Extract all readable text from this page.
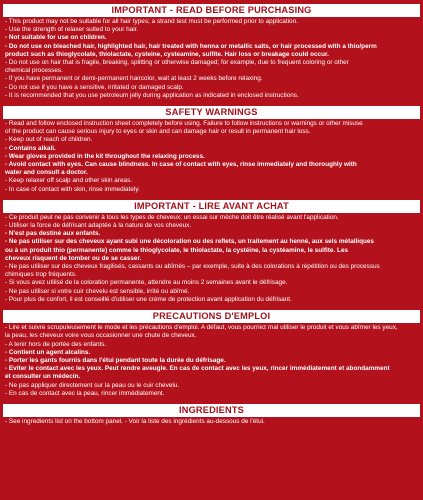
IMPORTANT - READ BEFORE PURCHASING
- This product may not be suitable for all hair types; a strand test must be performed prior to application.
- Use the strength of relaxer suited to your hair.
- Not suitable for use on children.
- Do not use on bleached hair, highlighted hair, hair treated with henna or metallic salts, or hair processed with a thio/perm
product such as thioglycolate, thiolactate, cysteine, cysteamine, sulfite. Hair loss or breakage could occur.
- Do not use on hair that is fragile, breaking, splitting or otherwise damaged; for example, due to frequent coloring or other
chemical processes.
- If you have permanent or demi-permanent haircolor, wait at least 2 weeks before relaxing.
- Do not use if you have a sensitive, irritated or damaged scalp.
- It is recommended that you use petroleum jelly during application as indicated in enclosed instructions.
SAFETY WARNINGS
- Read and follow enclosed instruction sheet completely before using. Failure to follow instructions or warnings or other misuse
of the product can cause serious injury to eyes or skin and can damage hair or result in permanent hair loss.
- Keep out of reach of children.
- Contains alkali.
- Wear gloves provided in the kit throughout the relaxing process.
- Avoid contact with eyes. Can cause blindness. In case of contact with eyes, rinse immediately and thoroughly with
water and consult a doctor.
- Keep relaxer off scalp and other skin areas.
- In case of contact with skin, rinse immediately.
IMPORTANT - LIRE AVANT ACHAT
- Ce produit peut ne pas convenir à tous les types de cheveux; un essai sur mèche doit être réalisé avant l'application.
- Utiliser la force de défrisant adaptée à la nature de vos cheveux.
- N'est pas destiné aux enfants.
- Ne pas utiliser sur des cheveux ayant subi une décoloration ou des reflets, un traitement au henné, aux sels métalliques
ou à un produit thio (permanente) comme le thioglycolate, le thiolactate, la cystéine, la cystéamine, le sulfite. Les
cheveux risquent de tomber ou de se casser.
- Ne pas utiliser sur des cheveux fragilisés, cassants ou abîmés – par exemple, suite à des colorations à répétition ou des processus
chimiques trop fréquents.
- Si vous avez utilisé de la coloration permanente, attendre au moins 2 semaines avant le défrisage.
- Ne pas utiliser si votre cuir chevelu est sensible, irrité ou abîmé.
- Pour plus de confort, il est conseillé d'utiliser une crème de protection avant application du défrisant.
PRECAUTIONS D'EMPLOI
- Lire et suivre scrupuleusement le mode et les précautions d'emploi. A défaut, vous pourriez mal utiliser le produit et vous abîmer les yeux,
la peau, les cheveux voire vous occasionner une chute de cheveux.
- A tenir hors de portée des enfants.
- Contient un agent alcalins.
- Porter les gants fournis dans l'étui pendant toute la durée du défrisage.
- Eviter le contact avec les yeux. Peut rendre aveugle. En cas de contact avec les yeux, rincer immédiatement et abondamment
et consulter un médecin.
- Ne pas appliquer directement sur la peau ou le cuir chevelu.
- En cas de contact avec la peau, rincer immédiatement.
INGREDIENTS
- See ingredients list on the bottom panel. - Voir la liste des ingrédients au-dessous de l'étui.
